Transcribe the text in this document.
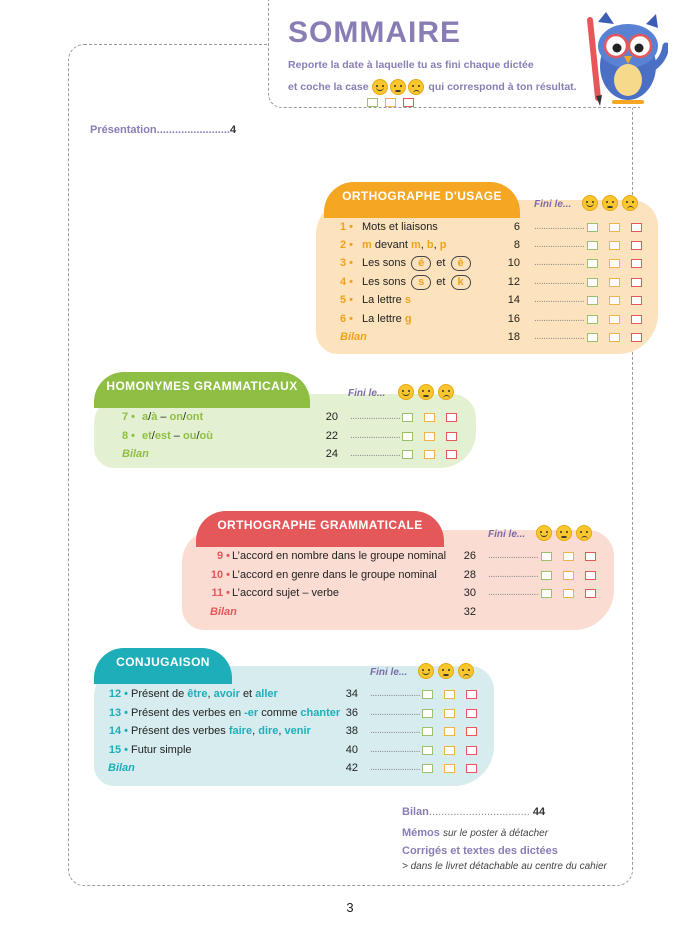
SOMMAIRE
Reporte la date à laquelle tu as fini chaque dictée
et coche la case	qui correspond à ton résultat.
Présentation........................4
ORTHOGRAPHE D'USAGE
Fini le...
1 • Mots et liaisons	6 ......................
2 • m devant m, b, p	8 ......................
3 • Les sons é et è	10 ......................
4 • Les sons s et k	12 ......................
5 • La lettre s	14 ......................
6 • La lettre g	16 ......................
Bilan	18 ......................
HOMONYMES GRAMMATICAUX
Fini le...
7 • a/à – on/ont	20 ......................
8 • et/est – ou/où	22 ......................
Bilan	24 ......................
ORTHOGRAPHE GRAMMATICALE
Fini le...
9 • L’accord en nombre dans le groupe nominal	26 ......................
10 • L’accord en genre dans le groupe nominal	28 ......................
11 • L’accord sujet – verbe	30 ......................
Bilan	32
CONJUGAISON
Fini le...
12 • Présent de être, avoir et aller	34 ......................
13 • Présent des verbes en -er comme chanter 36 ......................
14 • Présent des verbes faire, dire, venir	38 ......................
15 • Futur simple	40 ......................
Bilan	42 ......................
Bilan................................. 44
Mémos sur le poster à détacher
Corrigés et textes des dictées
> dans le livret détachable au centre du cahier
3
